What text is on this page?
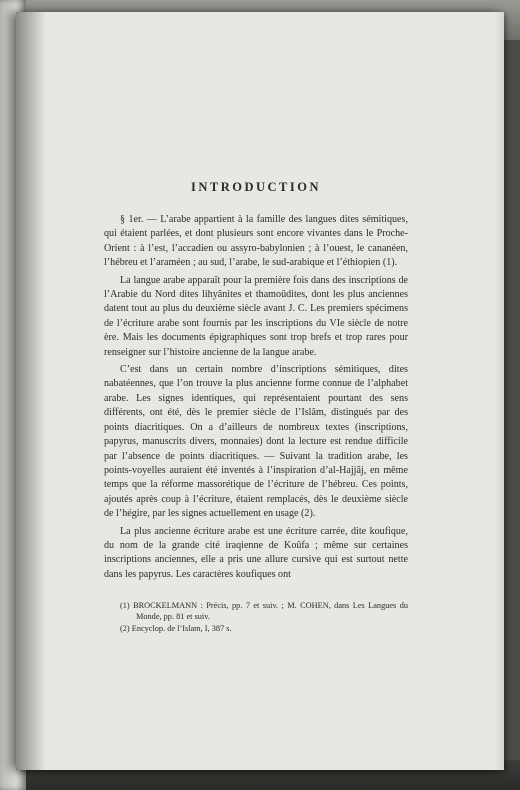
INTRODUCTION

§ 1er. — L’arabe appartient à la famille des langues dites sémitiques, qui étaient parlées, et dont plusieurs sont encore vivantes dans le Proche-Orient : à l’est, l’accadien ou assyro-babylonien ; à l’ouest, le cananéen, l’hébreu et l’araméen ; au sud, l’arabe, le sud-arabique et l’éthiopien (1).

La langue arabe apparaît pour la première fois dans des inscriptions de l’Arabie du Nord dites lihyânites et thamoûdites, dont les plus anciennes datent tout au plus du deuxième siècle avant J. C. Les premiers spécimens de l’écriture arabe sont fournis par les inscriptions du VIe siècle de notre ère. Mais les documents épigraphiques sont trop brefs et trop rares pour renseigner sur l’histoire ancienne de la langue arabe.

C’est dans un certain nombre d’inscriptions sémitiques, dites nabatéennes, que l’on trouve la plus ancienne forme connue de l’alphabet arabe. Les signes identiques, qui représentaient pourtant des sens différents, ont été, dès le premier siècle de l’Islâm, distingués par des points diacritiques. On a d’ailleurs de nombreux textes (inscriptions, papyrus, manuscrits divers, monnaies) dont la lecture est rendue difficile par l’absence de points diacritiques. — Suivant la tradition arabe, les points-voyelles auraient été inventés à l’inspiration d’al-Hajjâj, en même temps que la réforme massorétique de l’écriture de l’hébreu. Ces points, ajoutés après coup à l’écriture, étaient remplacés, dès le deuxième siècle de l’hégire, par les signes actuellement en usage (2).

La plus ancienne écriture arabe est une écriture carrée, dite koufique, du nom de la grande cité iraqienne de Koûfa ; même sur certaines inscriptions anciennes, elle a pris une allure cursive qui est surtout nette dans les papyrus. Les caractères koufiques ont

(1) BROCKELMANN : Précis, pp. 7 et suiv. ; M. COHEN, dans Les Langues du Monde, pp. 81 et suiv.

(2) Encyclop. de l’Islam, I, 387 s.
